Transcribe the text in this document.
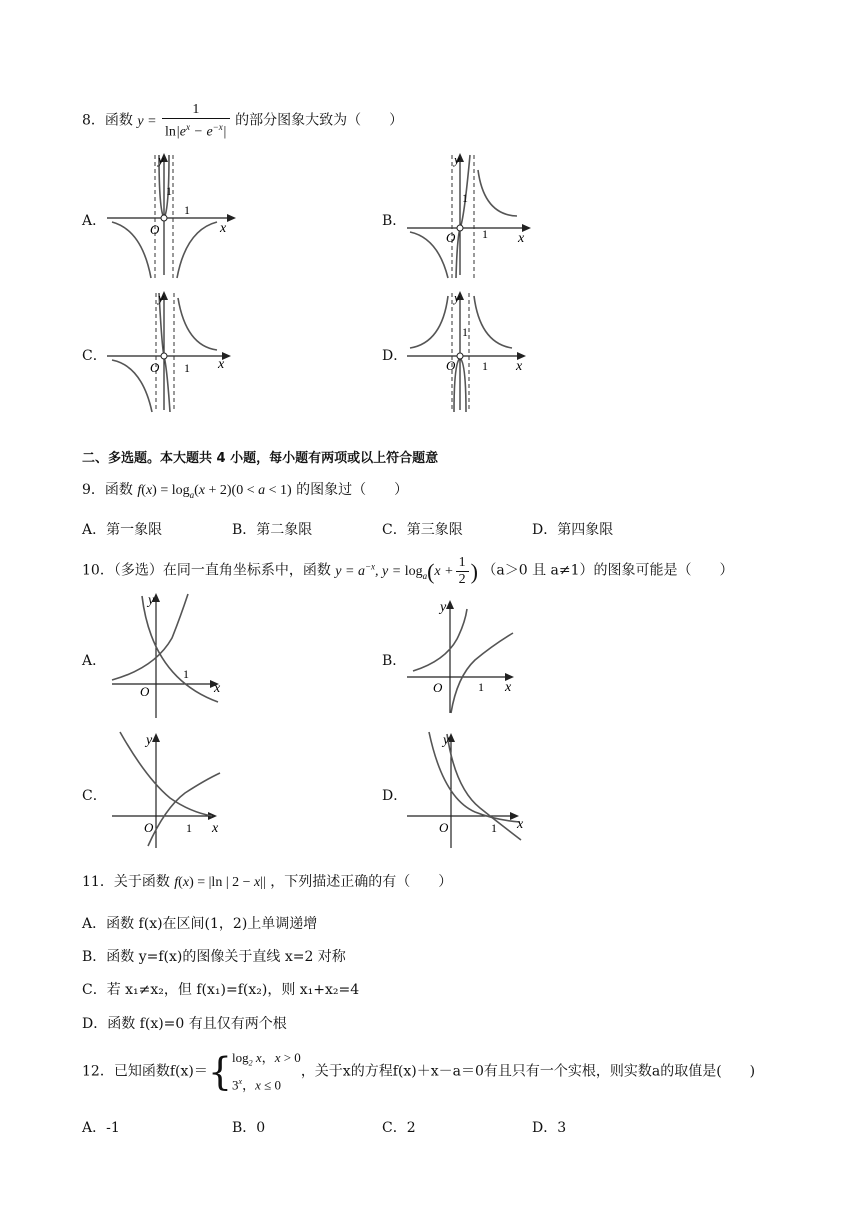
8．函数 $y = \frac{1}{\ln|e^x - e^{-x}|}$ 的部分图象大致为（　　）
A．	B．
C．	D．
y
x
O
1
1
y
x
O 1
1
y
x
O 1
y
x
O 1
1
二、多选题。本大题共 4 小题，每小题有两项或以上符合题意
9．函数 $f(x) = \log_a(x + 2)(0 < a < 1)$ 的图象过（　　）
A．第一象限	B．第二象限	C．第三象限	D．第四象限
10．（多选）在同一直角坐标系中，函数 $y = a^{-x}$, $y = \log_a(x + \frac{1}{2}$ ) （a＞0 且 a≠1）的图象可能是（　　）
A．	B．
C．	D．
y
x
O
1
y
x
O	1
y
x
O	1
y
x
O	1
11．关于函数 f(x) = |ln | 2 − x|| ，下列描述正确的有（　　）
A．函数 f(x)在区间(1，2)上单调递增
B．函数 y=f(x)的图像关于直线 x=2 对称
C．若 x₁≠x₂，但 f(x₁)=f(x₂)，则 x₁+x₂=4
D．函数 f(x)=0 有且仅有两个根
12．已知函数f(x)＝{ $\log_2 x$，x > 0
3$^x$，x ≤ 0
，关于x的方程f(x)＋x－a＝0有且只有一个实根，则实数a的取值是(　　)
A．-1	B．0	C．2	D．3
